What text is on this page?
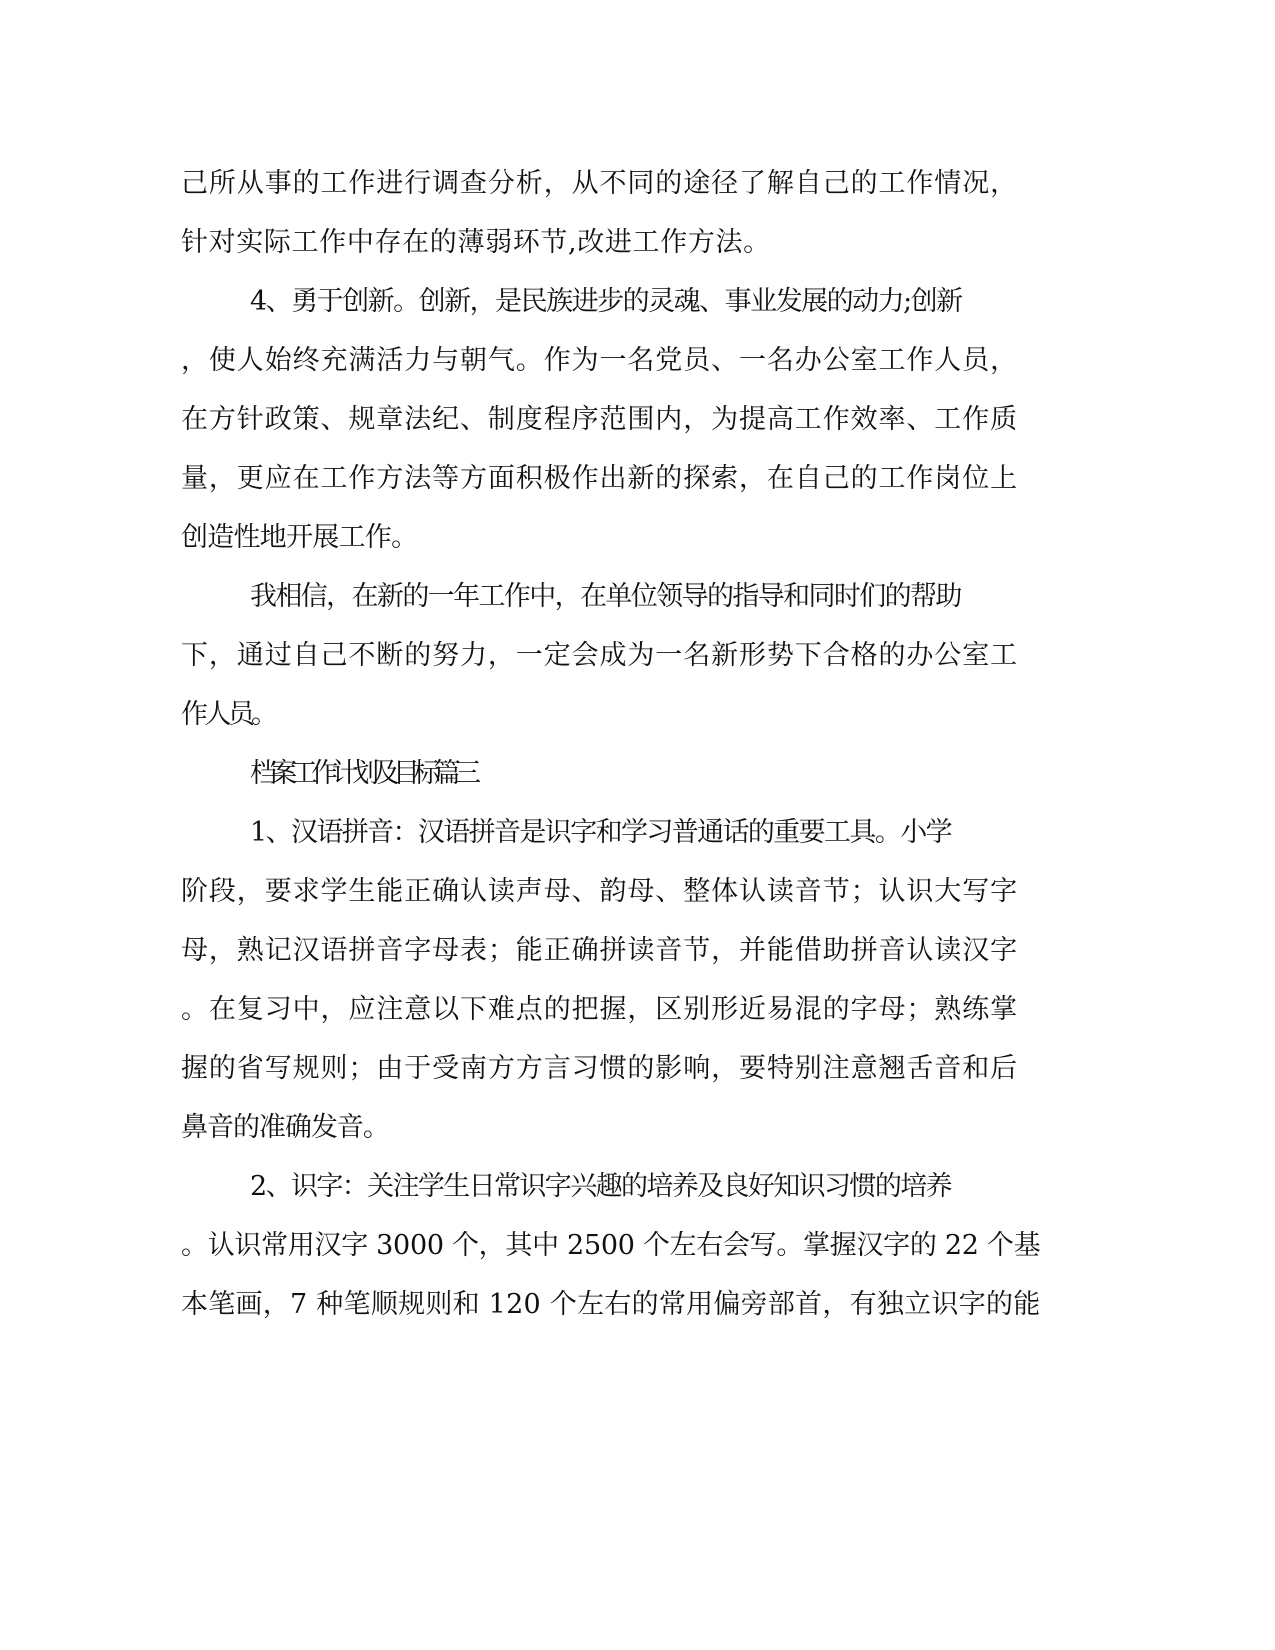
己所从事的工作进行调查分析，从不同的途径了解自己的工作情况，
针对实际工作中存在的薄弱环节,改进工作方法。
4、勇于创新。创新，是民族进步的灵魂、事业发展的动力;创新
，使人始终充满活力与朝气。作为一名党员、一名办公室工作人员，
在方针政策、规章法纪、制度程序范围内，为提高工作效率、工作质
量，更应在工作方法等方面积极作出新的探索，在自己的工作岗位上
创造性地开展工作。
我相信，在新的一年工作中，在单位领导的指导和同时们的帮助
下，通过自己不断的努力，一定会成为一名新形势下合格的办公室工
作人员。
档案工作计划及目标篇三
1、汉语拼音：汉语拼音是识字和学习普通话的重要工具。小学
阶段，要求学生能正确认读声母、韵母、整体认读音节；认识大写字
母，熟记汉语拼音字母表；能正确拼读音节，并能借助拼音认读汉字
。在复习中，应注意以下难点的把握，区别形近易混的字母；熟练掌
握的省写规则；由于受南方方言习惯的影响，要特别注意翘舌音和后
鼻音的准确发音。
2、识字：关注学生日常识字兴趣的培养及良好知识习惯的培养
。认识常用汉字 3000 个，其中 2500 个左右会写。掌握汉字的 22 个基
本笔画，7 种笔顺规则和 120 个左右的常用偏旁部首，有独立识字的能
